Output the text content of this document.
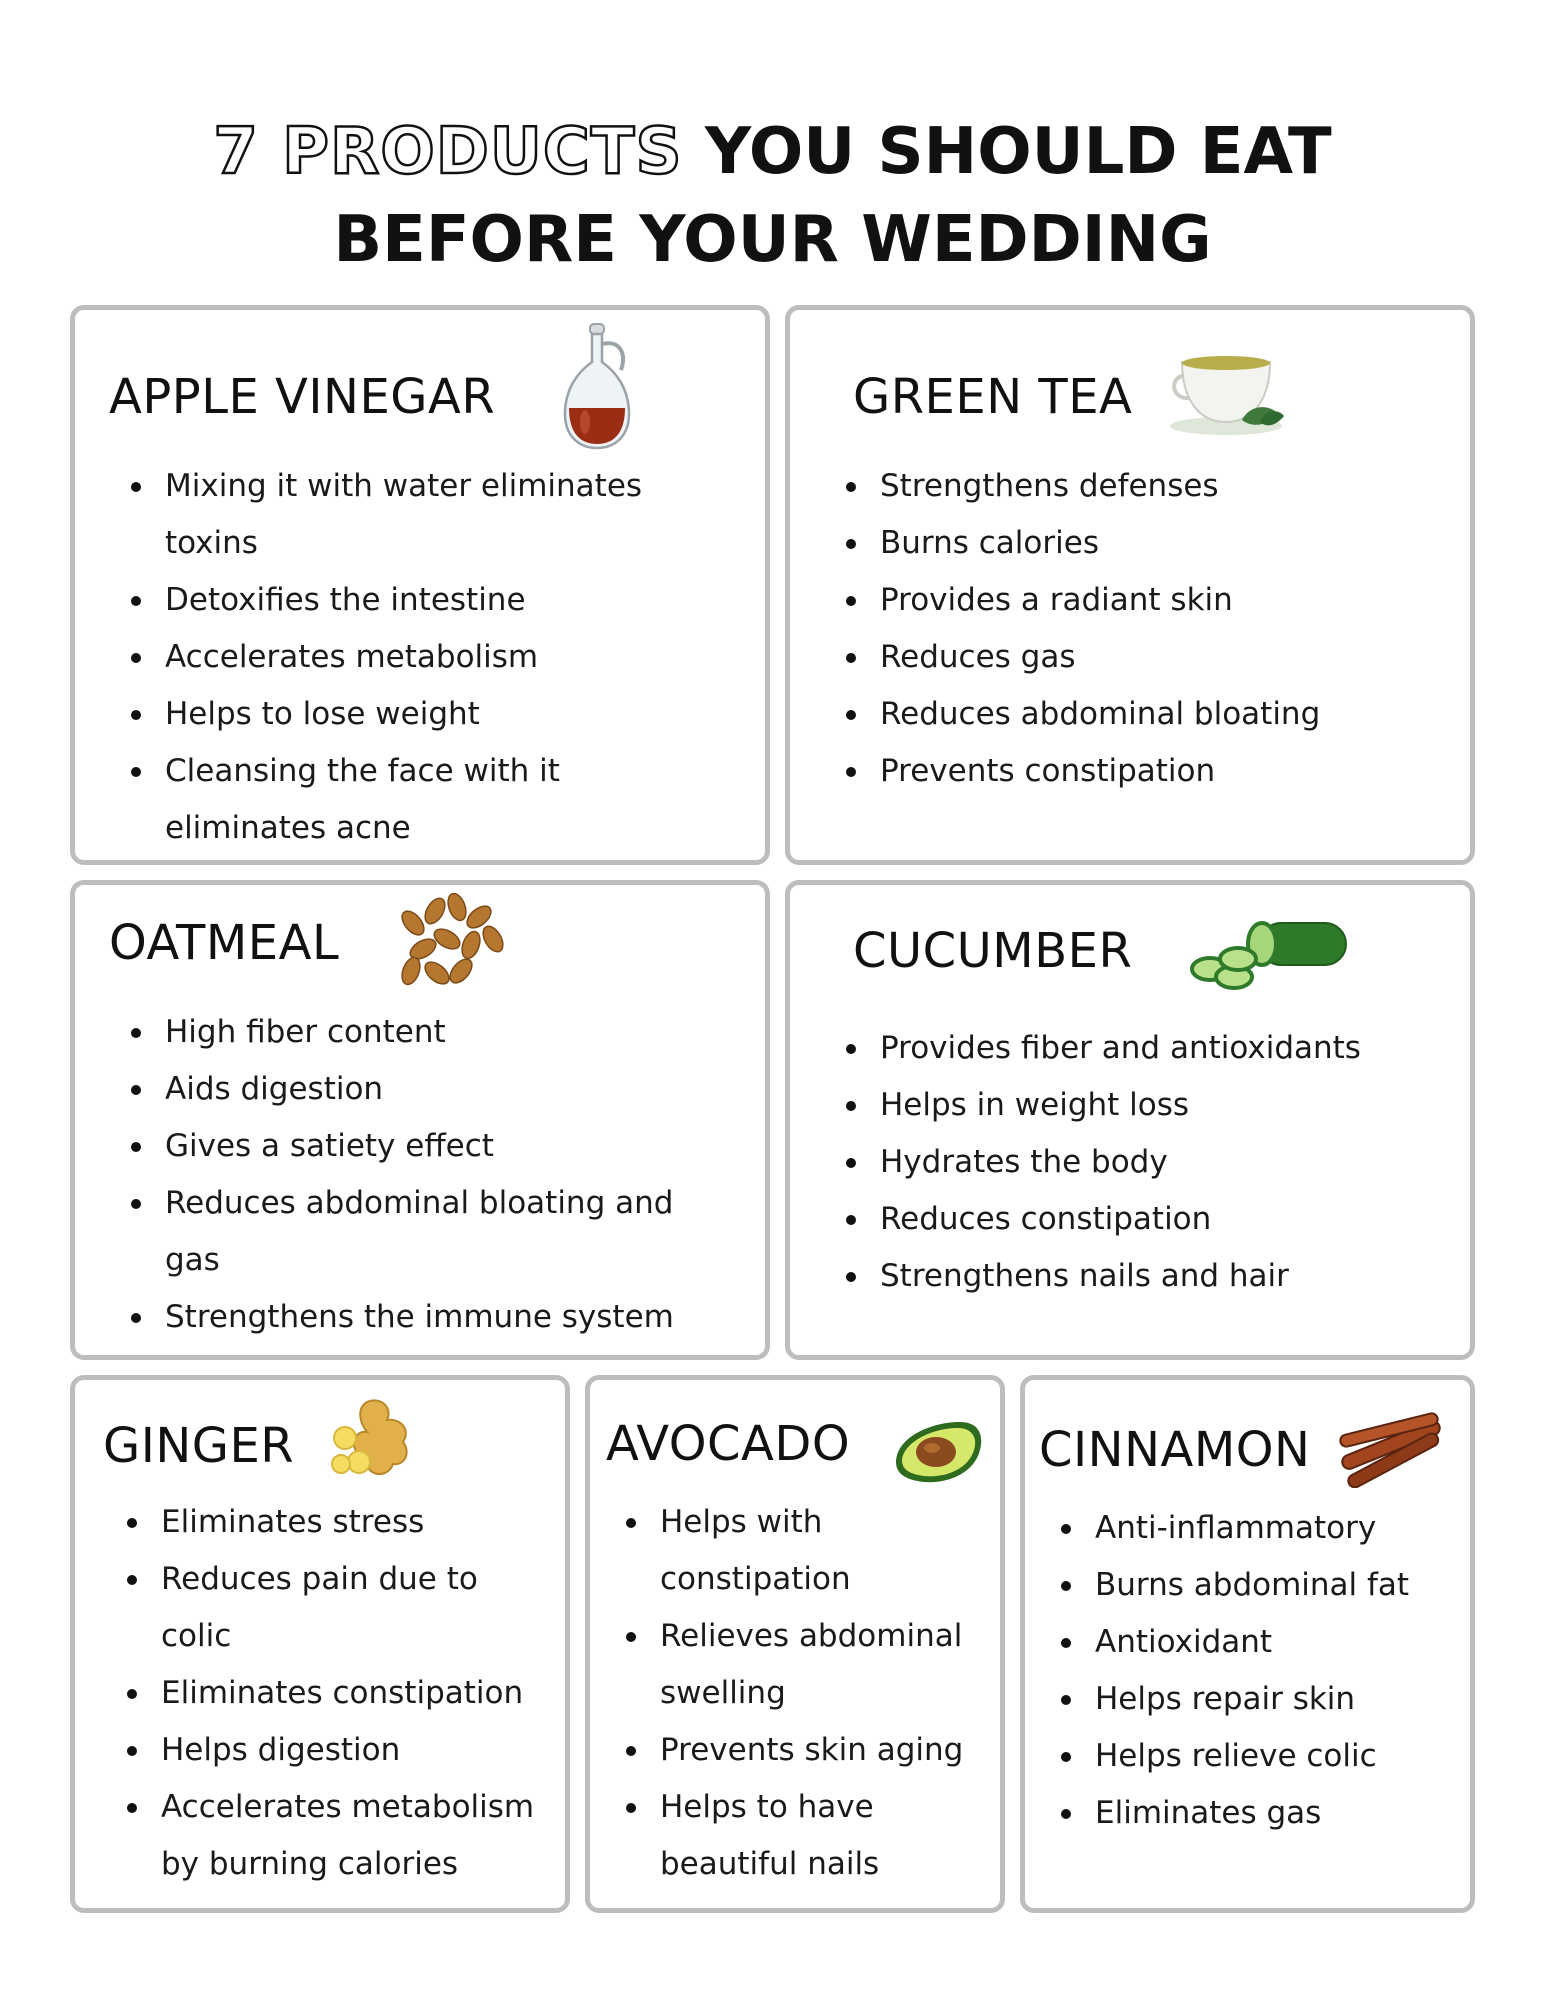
7 PRODUCTS YOU SHOULD EAT
BEFORE YOUR WEDDING
APPLE VINEGAR
Mixing it with water eliminates
toxins
Detoxifies the intestine
Accelerates metabolism
Helps to lose weight
Cleansing the face with it
eliminates acne
GREEN TEA
Strengthens defenses
Burns calories
Provides a radiant skin
Reduces gas
Reduces abdominal bloating
Prevents constipation
OATMEAL
High fiber content
Aids digestion
Gives a satiety effect
Reduces abdominal bloating and
gas
Strengthens the immune system
CUCUMBER
Provides fiber and antioxidants
Helps in weight loss
Hydrates the body
Reduces constipation
Strengthens nails and hair
GINGER
Eliminates stress
Reduces pain due to
colic
Eliminates constipation
Helps digestion
Accelerates metabolism
by burning calories
AVOCADO
Helps with
constipation
Relieves abdominal
swelling
Prevents skin aging
Helps to have
beautiful nails
CINNAMON
Anti-inflammatory
Burns abdominal fat
Antioxidant
Helps repair skin
Helps relieve colic
Eliminates gas
